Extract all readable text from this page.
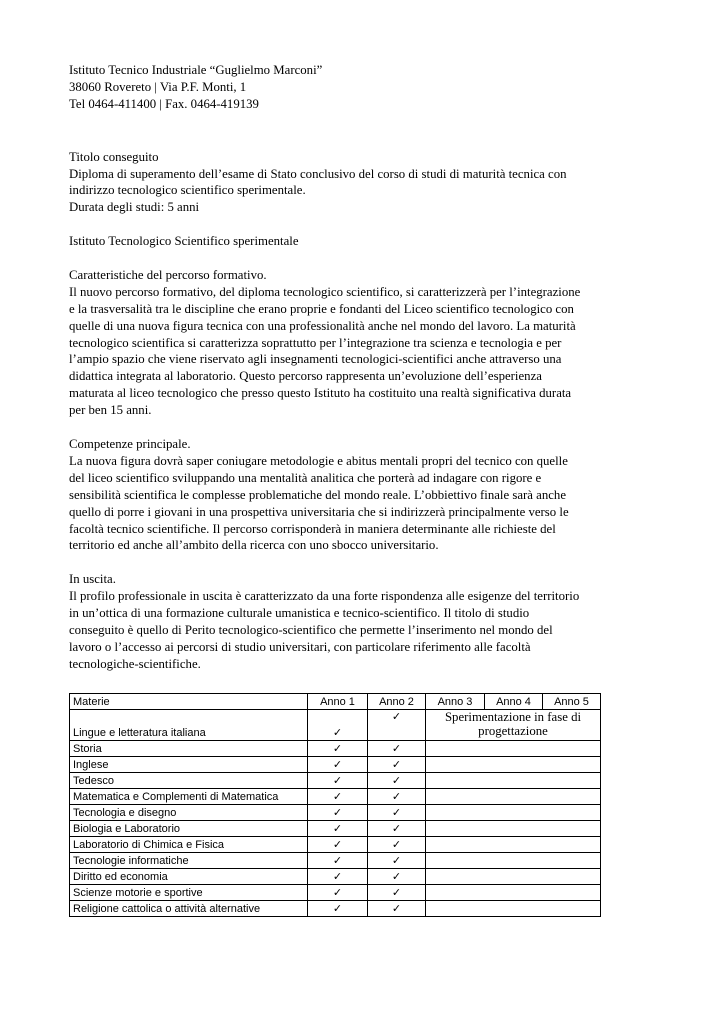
Istituto Tecnico Industriale “Guglielmo Marconi”

38060 Rovereto | Via P.F. Monti, 1

Tel 0464-411400 | Fax. 0464-419139

Titolo conseguito

Diploma di superamento dell’esame di Stato conclusivo del corso di studi di maturità tecnica con

indirizzo tecnologico scientifico sperimentale.

Durata degli studi: 5 anni

Istituto Tecnologico Scientifico sperimentale

Caratteristiche del percorso formativo.

Il nuovo percorso formativo, del diploma tecnologico scientifico, si caratterizzerà per l’integrazione

e la trasversalità tra le discipline che erano proprie e fondanti del Liceo scientifico tecnologico con

quelle di una nuova figura tecnica con una professionalità anche nel mondo del lavoro. La maturità

tecnologico scientifica si caratterizza soprattutto per l’integrazione tra scienza e tecnologia e per

l’ampio spazio che viene riservato agli insegnamenti tecnologici-scientifici anche attraverso una

didattica integrata al laboratorio. Questo percorso rappresenta un’evoluzione dell’esperienza

maturata al liceo tecnologico che presso questo Istituto ha costituito una realtà significativa durata

per ben 15 anni.

Competenze principale.

La nuova figura dovrà saper coniugare metodologie e abitus mentali propri del tecnico con quelle

del liceo scientifico sviluppando una mentalità analitica che porterà ad indagare con rigore e

sensibilità scientifica le complesse problematiche del mondo reale. L’obbiettivo finale sarà anche

quello di porre i giovani in una prospettiva universitaria che si indirizzerà principalmente verso le

facoltà tecnico scientifiche. Il percorso corrisponderà in maniera determinante alle richieste del

territorio ed anche all’ambito della ricerca con uno sbocco universitario.

In uscita.

Il profilo professionale in uscita è caratterizzato da una forte rispondenza alle esigenze del territorio

in un’ottica di una formazione culturale umanistica e tecnico-scientifico. Il titolo di studio

conseguito è quello di Perito tecnologico-scientifico che permette l’inserimento nel mondo del

lavoro o l’accesso ai percorsi di studio universitari, con particolare riferimento alle facoltà

tecnologiche-scientifiche.

Materie	Anno 1	Anno 2	Anno 3	Anno 4	Anno 5
Lingue e letteratura italiana	✓	✓	Sperimentazione in fase di
progettazione		

Storia	✓	✓			
Inglese	✓	✓			
Tedesco	✓	✓			
Matematica e Complementi di Matematica	✓	✓			
Tecnologia e disegno	✓	✓			
Biologia e Laboratorio	✓	✓			
Laboratorio di Chimica e Fisica	✓	✓			
Tecnologie informatiche	✓	✓			
Diritto ed economia	✓	✓			
Scienze motorie e sportive	✓	✓			
Religione cattolica o attività alternative	✓	✓			
